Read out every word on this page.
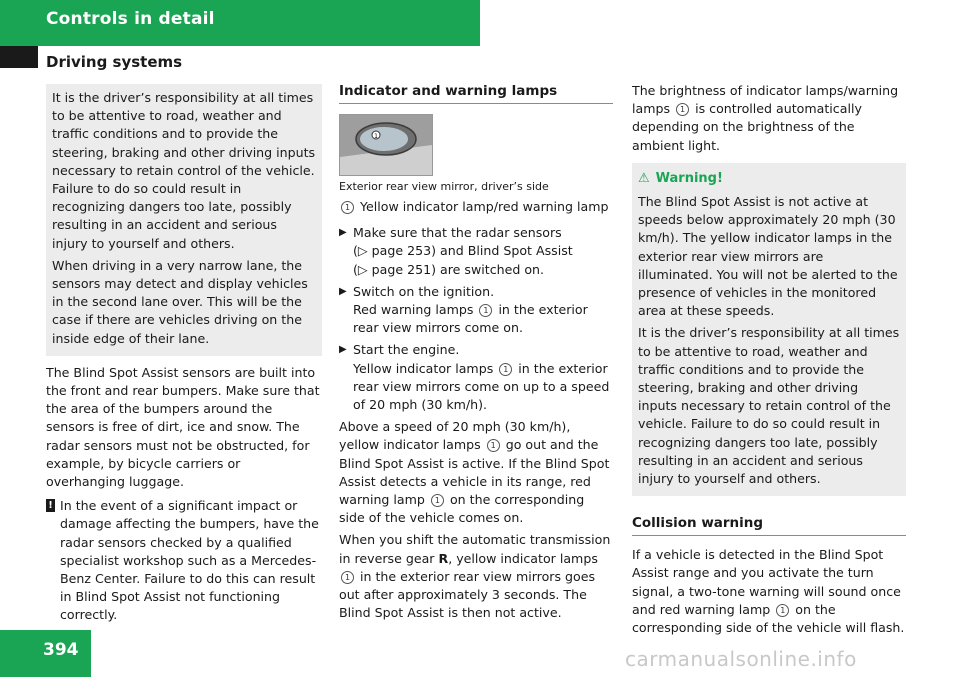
Controls in detail
Driving systems

It is the driver’s responsibility at all times to be attentive to road, weather and traffic conditions and to provide the steering, braking and other driving inputs necessary to retain control of the vehicle. Failure to do so could result in recognizing dangers too late, possibly resulting in an accident and serious injury to yourself and others.

When driving in a very narrow lane, the sensors may detect and display vehicles in the second lane over. This will be the case if there are vehicles driving on the inside edge of their lane.

The Blind Spot Assist sensors are built into the front and rear bumpers. Make sure that the area of the bumpers around the sensors is free of dirt, ice and snow. The radar sensors must not be obstructed, for example, by bicycle carriers or overhanging luggage.

! In the event of a significant impact or damage affecting the bumpers, have the radar sensors checked by a qualified specialist workshop such as a Mercedes-Benz Center. Failure to do this can result in Blind Spot Assist not functioning correctly.
Indicator and warning lamps
1
Exterior rear view mirror, driver’s side

1 Yellow indicator lamp/red warning lamp

▶ Make sure that the radar sensors
(▷ page 253) and Blind Spot Assist
(▷ page 251) are switched on.
▶ Switch on the ignition.
Red warning lamps 1 in the exterior rear view mirrors come on.
▶ Start the engine.
Yellow indicator lamps 1 in the exterior rear view mirrors come on up to a speed of 20 mph (30 km/h).

Above a speed of 20 mph (30 km/h), yellow indicator lamps 1 go out and the Blind Spot Assist is active. If the Blind Spot Assist detects a vehicle in its range, red warning lamp 1 on the corresponding side of the vehicle comes on.

When you shift the automatic transmission in reverse gear R, yellow indicator lamps 1 in the exterior rear view mirrors goes out after approximately 3 seconds. The Blind Spot Assist is then not active.

The brightness of indicator lamps/warning lamps 1 is controlled automatically depending on the brightness of the ambient light.

⚠ Warning!

The Blind Spot Assist is not active at speeds below approximately 20 mph (30 km/h). The yellow indicator lamps in the exterior rear view mirrors are illuminated. You will not be alerted to the presence of vehicles in the monitored area at these speeds.

It is the driver’s responsibility at all times to be attentive to road, weather and traffic conditions and to provide the steering, braking and other driving inputs necessary to retain control of the vehicle. Failure to do so could result in recognizing dangers too late, possibly resulting in an accident and serious injury to yourself and others.

Collision warning

If a vehicle is detected in the Blind Spot Assist range and you activate the turn signal, a two-tone warning will sound once and red warning lamp 1 on the corresponding side of the vehicle will flash.

394	carmanualsonline.info
